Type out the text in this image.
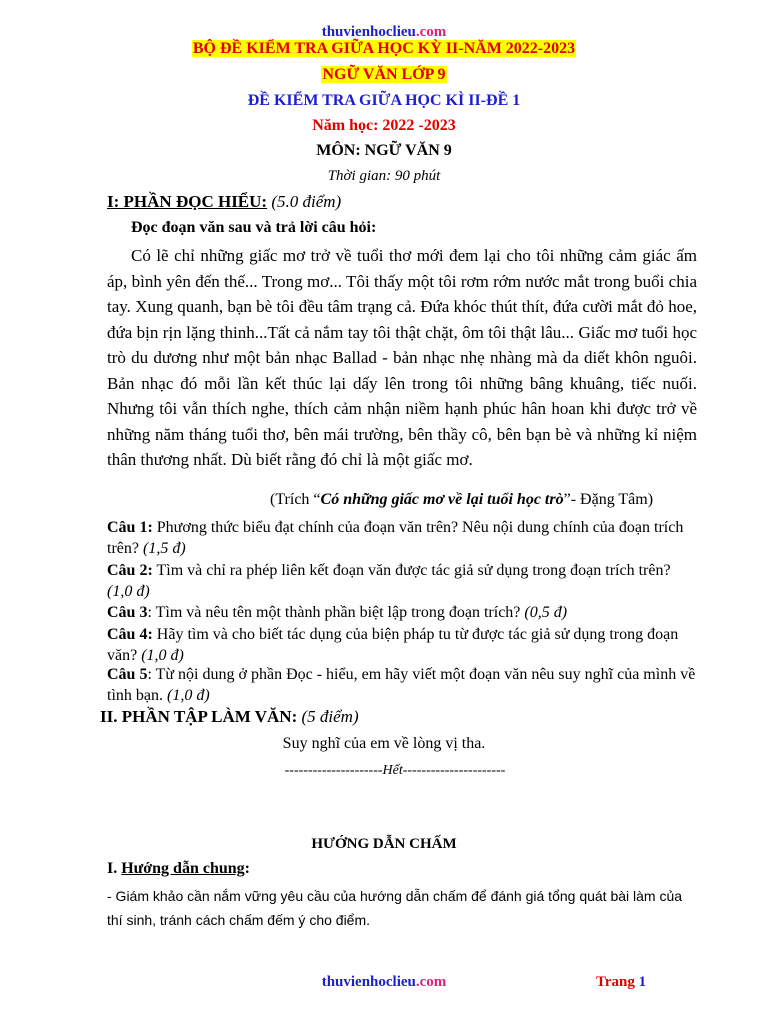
thuvienhoclieu.com
BỘ ĐỀ KIỂM TRA GIỮA HỌC KỲ II-NĂM 2022-2023
NGỮ VĂN LỚP 9
ĐỀ KIỂM TRA GIỮA HỌC KÌ II-ĐỀ 1
Năm học: 2022 -2023
MÔN: NGỮ VĂN 9
Thời gian: 90 phút
I: PHẦN ĐỌC HIỂU: (5.0 điểm)
Đọc đoạn văn sau và trả lời câu hỏi:
Có lẽ chỉ những giấc mơ trở về tuổi thơ mới đem lại cho tôi những cảm giác ấm áp, bình yên đến thế... Trong mơ... Tôi thấy một tôi rơm rớm nước mắt trong buổi chia tay. Xung quanh, bạn bè tôi đều tâm trạng cả. Đứa khóc thút thít, đứa cười mắt đỏ hoe, đứa bịn rịn lặng thinh...Tất cả nắm tay tôi thật chặt, ôm tôi thật lâu... Giấc mơ tuổi học trò du dương như một bản nhạc Ballad - bản nhạc nhẹ nhàng mà da diết khôn nguôi. Bản nhạc đó mỗi lần kết thúc lại dấy lên trong tôi những bâng khuâng, tiếc nuối. Nhưng tôi vẫn thích nghe, thích cảm nhận niềm hạnh phúc hân hoan khi được trở về những năm tháng tuổi thơ, bên mái trường, bên thầy cô, bên bạn bè và những kỉ niệm thân thương nhất. Dù biết rằng đó chỉ là một giấc mơ.
(Trích “Có những giấc mơ về lại tuổi học trò”- Đặng Tâm)
Câu 1: Phương thức biểu đạt chính của đoạn văn trên? Nêu nội dung chính của đoạn trích trên? (1,5 đ)
Câu 2: Tìm và chỉ ra phép liên kết đoạn văn được tác giả sử dụng trong đoạn trích trên? (1,0 đ)
Câu 3: Tìm và nêu tên một thành phần biệt lập trong đoạn trích? (0,5 đ)
Câu 4: Hãy tìm và cho biết tác dụng của biện pháp tu từ được tác giả sử dụng trong đoạn văn? (1,0 đ)
Câu 5: Từ nội dung ở phần Đọc - hiểu, em hãy viết một đoạn văn nêu suy nghĩ của mình về tình bạn. (1,0 đ)
II. PHẦN TẬP LÀM VĂN: (5 điểm)
Suy nghĩ của em về lòng vị tha.
---------------------Hết----------------------
HƯỚNG DẪN CHẤM
I. Hướng dẫn chung:
- Giám khảo cần nắm vững yêu cầu của hướng dẫn chấm để đánh giá tổng quát bài làm của thí sinh, tránh cách chấm đếm ý cho điểm.
thuvienhoclieu.com	Trang 1
